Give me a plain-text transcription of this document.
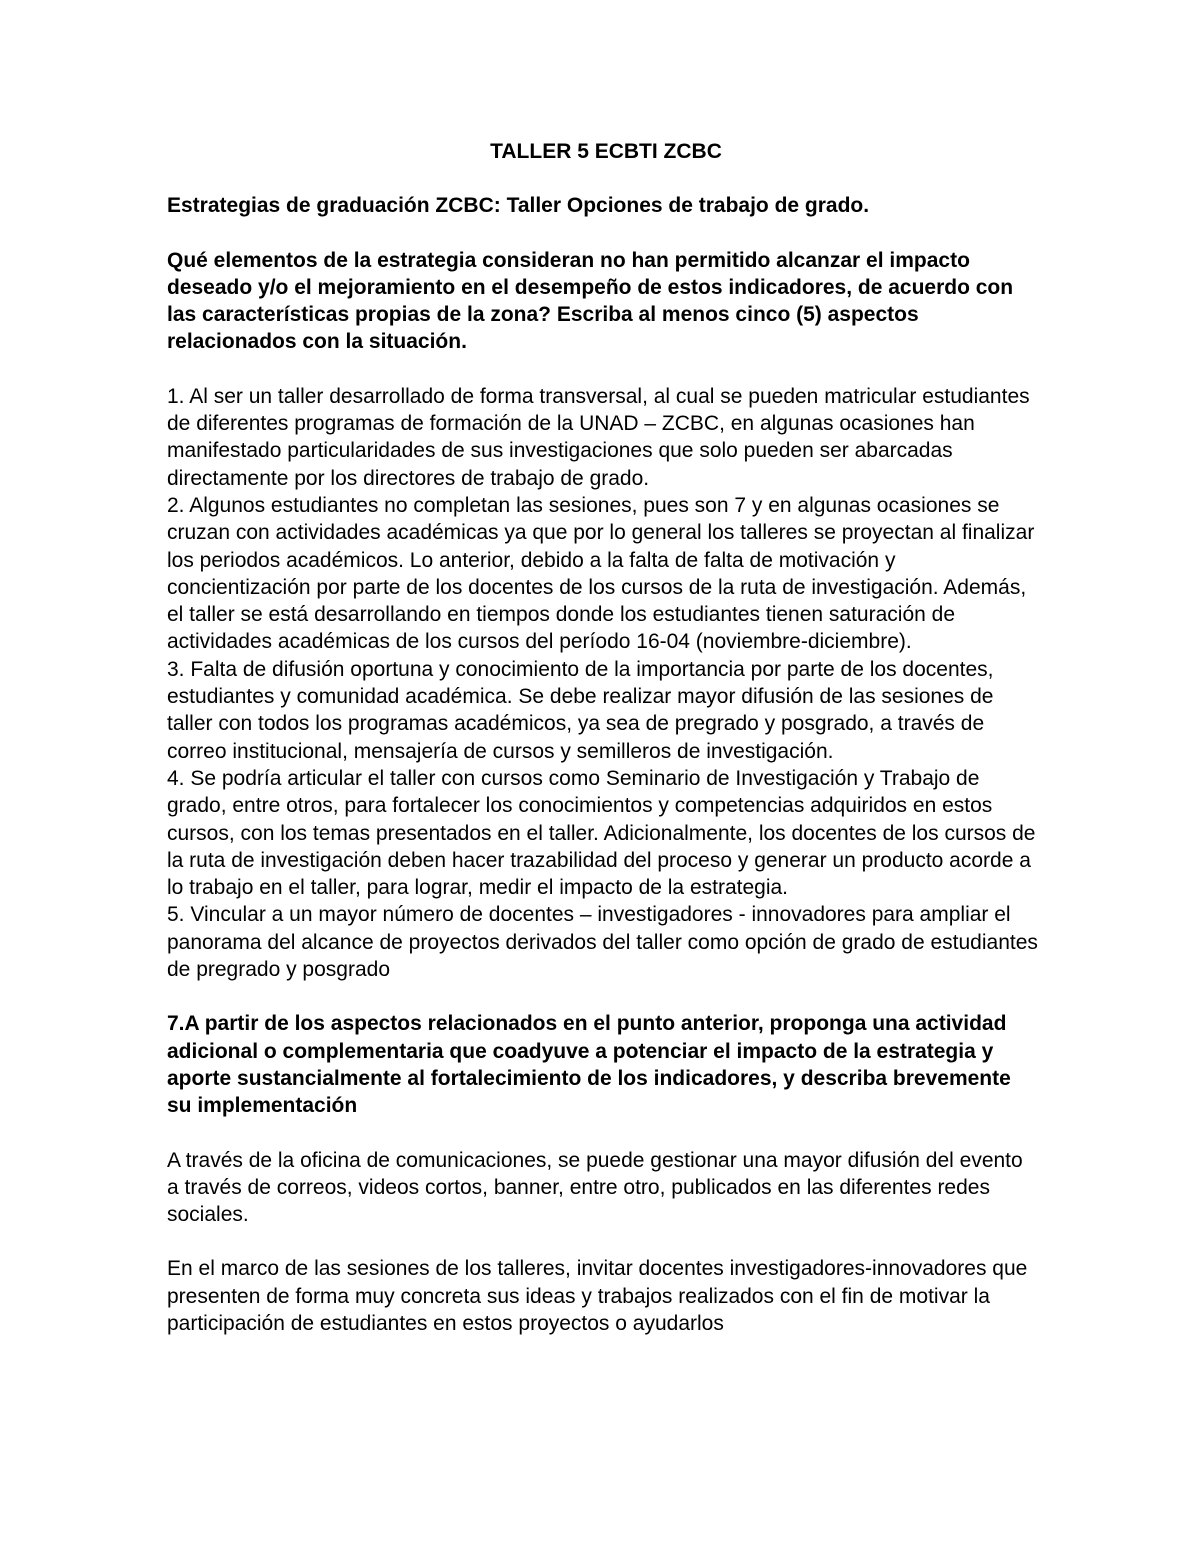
TALLER 5 ECBTI ZCBC

Estrategias de graduación ZCBC: Taller Opciones de trabajo de grado.

Qué elementos de la estrategia consideran no han permitido alcanzar el impacto deseado y/o el mejoramiento en el desempeño de estos indicadores, de acuerdo con las características propias de la zona? Escriba al menos cinco (5) aspectos relacionados con la situación.

1. Al ser un taller desarrollado de forma transversal, al cual se pueden matricular estudiantes de diferentes programas de formación de la UNAD – ZCBC, en algunas ocasiones han manifestado particularidades de sus investigaciones que solo pueden ser abarcadas directamente por los directores de trabajo de grado.

2. Algunos estudiantes no completan las sesiones, pues son 7 y en algunas ocasiones se cruzan con actividades académicas ya que por lo general los talleres se proyectan al finalizar los periodos académicos. Lo anterior, debido a la falta de falta de motivación y concientización por parte de los docentes de los cursos de la ruta de investigación. Además, el taller se está desarrollando en tiempos donde los estudiantes tienen saturación de actividades académicas de los cursos del período 16-04 (noviembre-diciembre).

3. Falta de difusión oportuna y conocimiento de la importancia por parte de los docentes, estudiantes y comunidad académica. Se debe realizar mayor difusión de las sesiones de taller con todos los programas académicos, ya sea de pregrado y posgrado, a través de correo institucional, mensajería de cursos y semilleros de investigación.

4. Se podría articular el taller con cursos como Seminario de Investigación y Trabajo de grado, entre otros, para fortalecer los conocimientos y competencias adquiridos en estos cursos, con los temas presentados en el taller. Adicionalmente, los docentes de los cursos de la ruta de investigación deben hacer trazabilidad del proceso y generar un producto acorde a lo trabajo en el taller, para lograr, medir el impacto de la estrategia.

5. Vincular a un mayor número de docentes – investigadores - innovadores para ampliar el panorama del alcance de proyectos derivados del taller como opción de grado de estudiantes de pregrado y posgrado

7.A partir de los aspectos relacionados en el punto anterior, proponga una actividad adicional o complementaria que coadyuve a potenciar el impacto de la estrategia y aporte sustancialmente al fortalecimiento de los indicadores, y describa brevemente su implementación

A través de la oficina de comunicaciones, se puede gestionar una mayor difusión del evento a través de correos, videos cortos, banner, entre otro, publicados en las diferentes redes sociales.

En el marco de las sesiones de los talleres, invitar docentes investigadores-innovadores que presenten de forma muy concreta sus ideas y trabajos realizados con el fin de motivar la participación de estudiantes en estos proyectos o ayudarlos
